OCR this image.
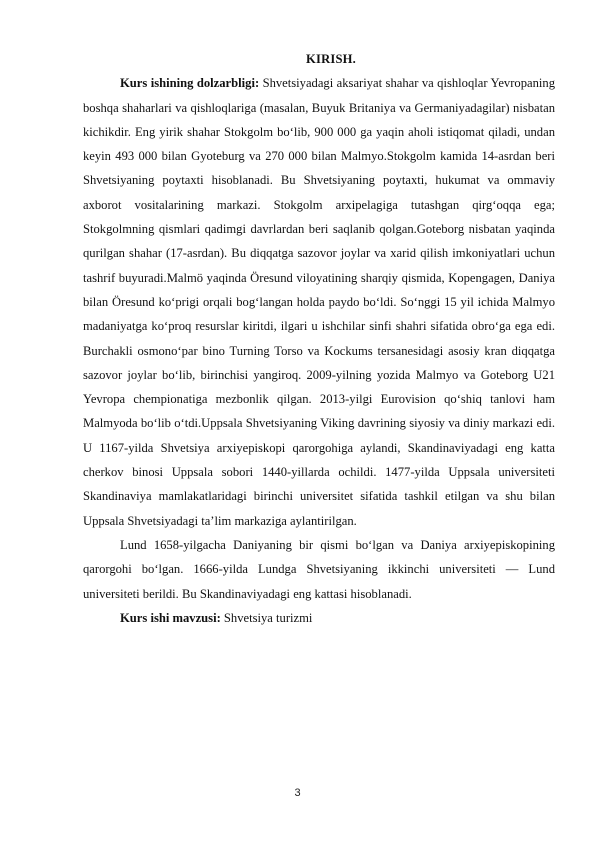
KIRISH.

Kurs ishining dolzarbligi: Shvetsiyadagi aksariyat shahar va qishloqlar Yevropaning boshqa shaharlari va qishloqlariga (masalan, Buyuk Britaniya va Germaniyadagilar) nisbatan kichikdir. Eng yirik shahar Stokgolm bo‘lib, 900 000 ga yaqin aholi istiqomat qiladi, undan keyin 493 000 bilan Gyoteburg va 270 000 bilan Malmyo.Stokgolm kamida 14-asrdan beri Shvetsiyaning poytaxti hisoblanadi. Bu Shvetsiyaning poytaxti, hukumat va ommaviy axborot vositalarining markazi. Stokgolm arxipelagiga tutashgan qirg‘oqqa ega; Stokgolmning qismlari qadimgi davrlardan beri saqlanib qolgan.Goteborg nisbatan yaqinda qurilgan shahar (17-asrdan). Bu diqqatga sazovor joylar va xarid qilish imkoniyatlari uchun tashrif buyuradi.Malmö yaqinda Öresund viloyatining sharqiy qismida, Kopengagen, Daniya bilan Öresund ko‘prigi orqali bog‘langan holda paydo bo‘ldi. So‘nggi 15 yil ichida Malmyo madaniyatga ko‘proq resurslar kiritdi, ilgari u ishchilar sinfi shahri sifatida obro‘ga ega edi. Burchakli osmono‘par bino Turning Torso va Kockums tersanesidagi asosiy kran diqqatga sazovor joylar bo‘lib, birinchisi yangiroq. 2009-yilning yozida Malmyo va Goteborg U21 Yevropa chempionatiga mezbonlik qilgan. 2013-yilgi Eurovision qo‘shiq tanlovi ham Malmyoda bo‘lib o‘tdi.Uppsala Shvetsiyaning Viking davrining siyosiy va diniy markazi edi. U 1167-yilda Shvetsiya arxiyepiskopi qarorgohiga aylandi, Skandinaviyadagi eng katta cherkov binosi Uppsala sobori 1440-yillarda ochildi. 1477-yilda Uppsala universiteti Skandinaviya mamlakatlaridagi birinchi universitet sifatida tashkil etilgan va shu bilan Uppsala Shvetsiyadagi ta’lim markaziga aylantirilgan.

Lund 1658-yilgacha Daniyaning bir qismi bo‘lgan va Daniya arxiyepiskopining qarorgohi bo‘lgan. 1666-yilda Lundga Shvetsiyaning ikkinchi universiteti — Lund universiteti berildi. Bu Skandinaviyadagi eng kattasi hisoblanadi.

Kurs ishi mavzusi: Shvetsiya turizmi

3
